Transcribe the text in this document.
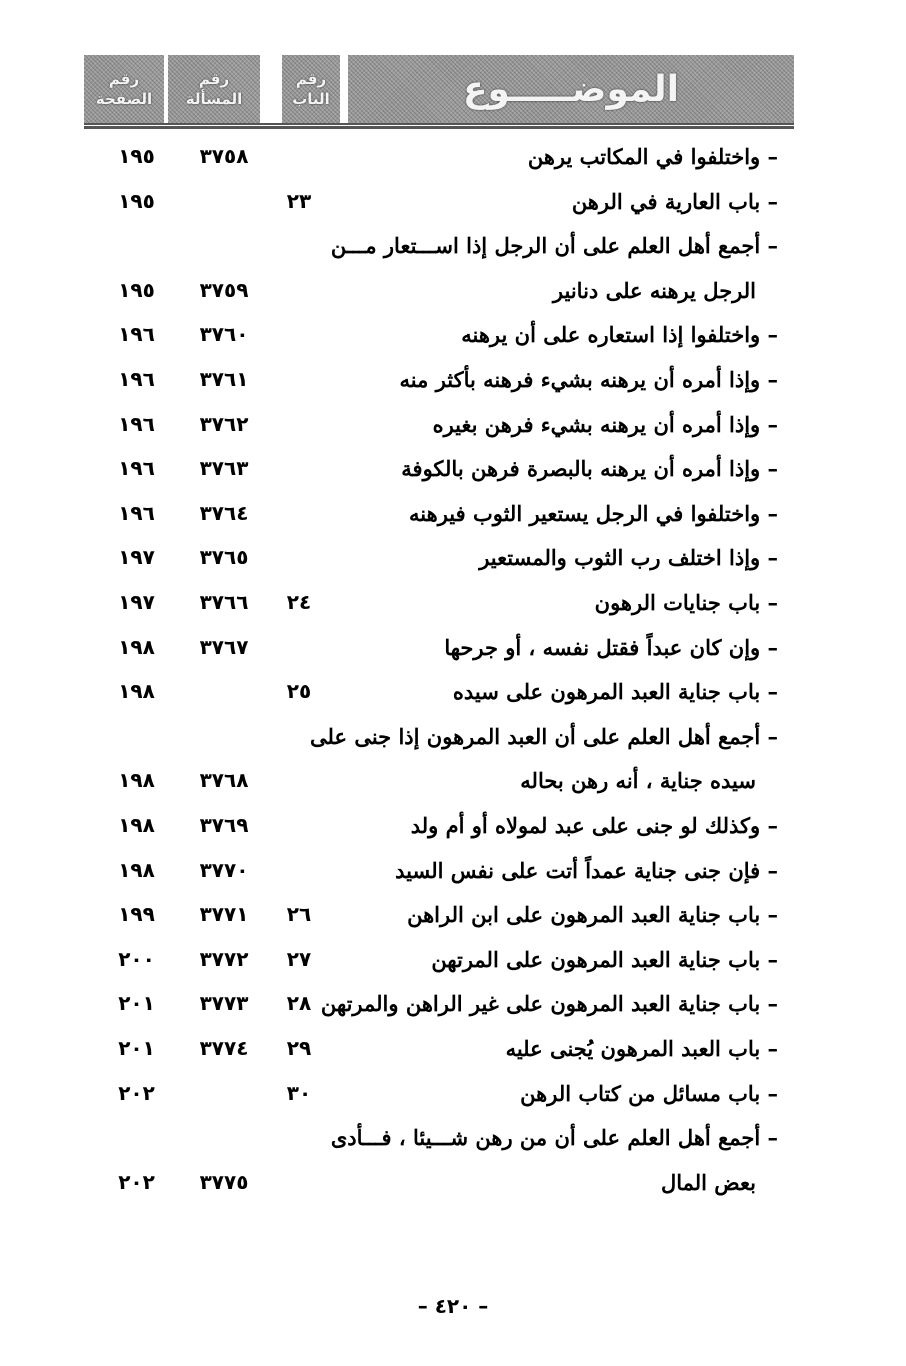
رقم
الصفحة
رقم
المسألة
رقم
الباب	الموضـــــوع
– واختلفوا في المكاتب يرهن
٣٧٥٨
١٩٥
– باب العارية في الرهن
٢٣
١٩٥
– أجمع أهل العلم على أن الرجل إذا اســـتعار مـــن
الرجل يرهنه على دنانير
٣٧٥٩
١٩٥
– واختلفوا إذا استعاره على أن يرهنه
٣٧٦٠
١٩٦
– وإذا أمره أن يرهنه بشيء فرهنه بأكثر منه
٣٧٦١
١٩٦
– وإذا أمره أن يرهنه بشيء فرهن بغيره
٣٧٦٢
١٩٦
– وإذا أمره أن يرهنه بالبصرة فرهن بالكوفة
٣٧٦٣
١٩٦
– واختلفوا في الرجل يستعير الثوب فيرهنه
٣٧٦٤
١٩٦
– وإذا اختلف رب الثوب والمستعير
٣٧٦٥
١٩٧
– باب جنايات الرهون
٢٤
٣٧٦٦
١٩٧
– وإن كان عبداً فقتل نفسه ، أو جرحها
٣٧٦٧
١٩٨
– باب جناية العبد المرهون على سيده
٢٥
١٩٨
– أجمع أهل العلم على أن العبد المرهون إذا جنى على
سيده جناية ، أنه رهن بحاله
٣٧٦٨
١٩٨
– وكذلك لو جنى على عبد لمولاه أو أم ولد
٣٧٦٩
١٩٨
– فإن جنى جناية عمداً أتت على نفس السيد
٣٧٧٠
١٩٨
– باب جناية العبد المرهون على ابن الراهن
٢٦
٣٧٧١
١٩٩
– باب جناية العبد المرهون على المرتهن
٢٧
٣٧٧٢
٢٠٠
– باب جناية العبد المرهون على غير الراهن والمرتهن
٢٨
٣٧٧٣
٢٠١
– باب العبد المرهون يُجنى عليه
٢٩
٣٧٧٤
٢٠١
– باب مسائل من كتاب الرهن
٣٠
٢٠٢
– أجمع أهل العلم على أن من رهن شـــيئا ، فـــأدى
بعض المال
٣٧٧٥
٢٠٢
– ٤٢٠ –
